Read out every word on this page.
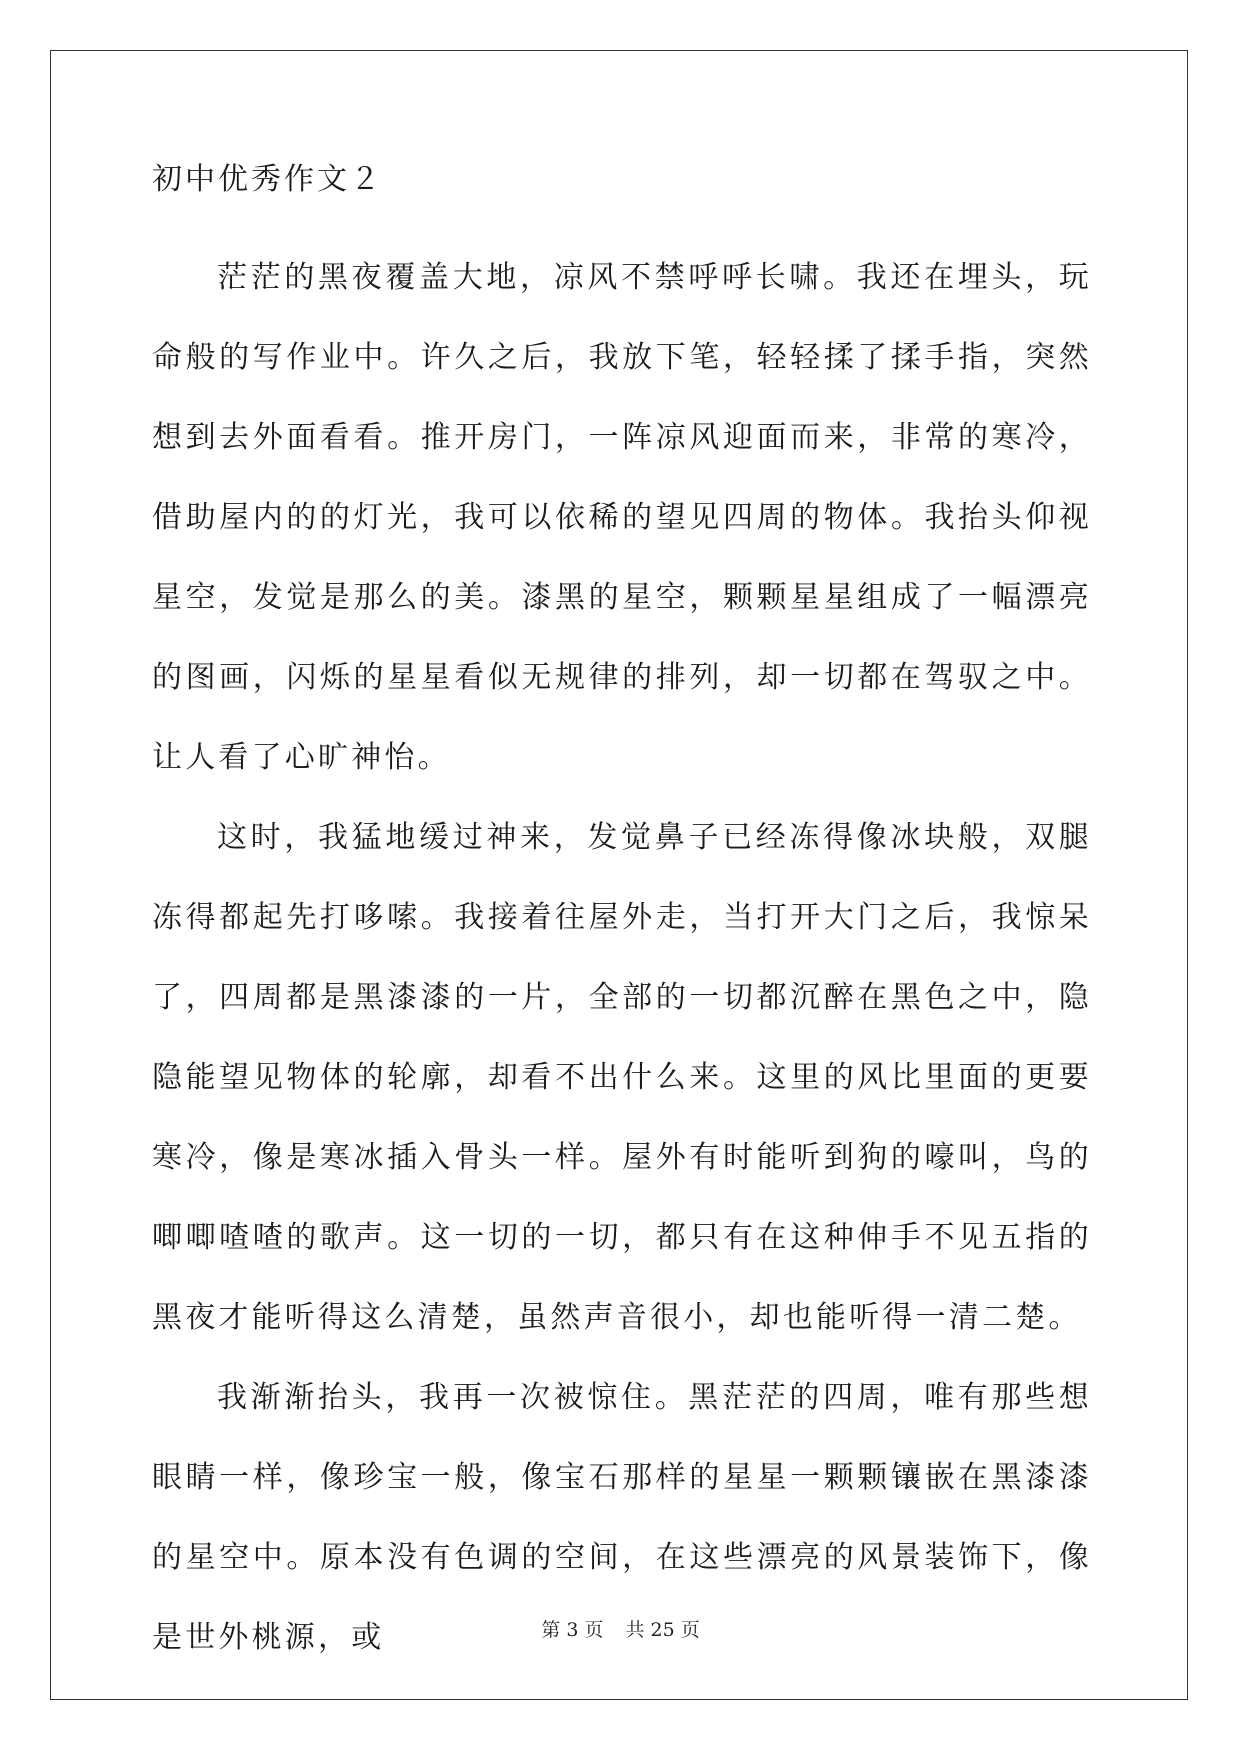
初中优秀作文２

茫茫的黑夜覆盖大地，凉风不禁呼呼长啸。我还在埋头，玩命般的写作业中。许久之后，我放下笔，轻轻揉了揉手指，突然想到去外面看看。推开房门，一阵凉风迎面而来，非常的寒冷，借助屋内的的灯光，我可以依稀的望见四周的物体。我抬头仰视星空，发觉是那么的美。漆黑的星空，颗颗星星组成了一幅漂亮的图画，闪烁的星星看似无规律的排列，却一切都在驾驭之中。让人看了心旷神怡。

这时，我猛地缓过神来，发觉鼻子已经冻得像冰块般，双腿冻得都起先打哆嗦。我接着往屋外走，当打开大门之后，我惊呆了，四周都是黑漆漆的一片，全部的一切都沉醉在黑色之中，隐隐能望见物体的轮廓，却看不出什么来。这里的风比里面的更要寒冷，像是寒冰插入骨头一样。屋外有时能听到狗的嚎叫，鸟的唧唧喳喳的歌声。这一切的一切，都只有在这种伸手不见五指的黑夜才能听得这么清楚，虽然声音很小，却也能听得一清二楚。

我渐渐抬头，我再一次被惊住。黑茫茫的四周，唯有那些想眼睛一样，像珍宝一般，像宝石那样的星星一颗颗镶嵌在黑漆漆的星空中。原本没有色调的空间，在这些漂亮的风景装饰下，像是世外桃源，或	第 3 页 共 25 页
